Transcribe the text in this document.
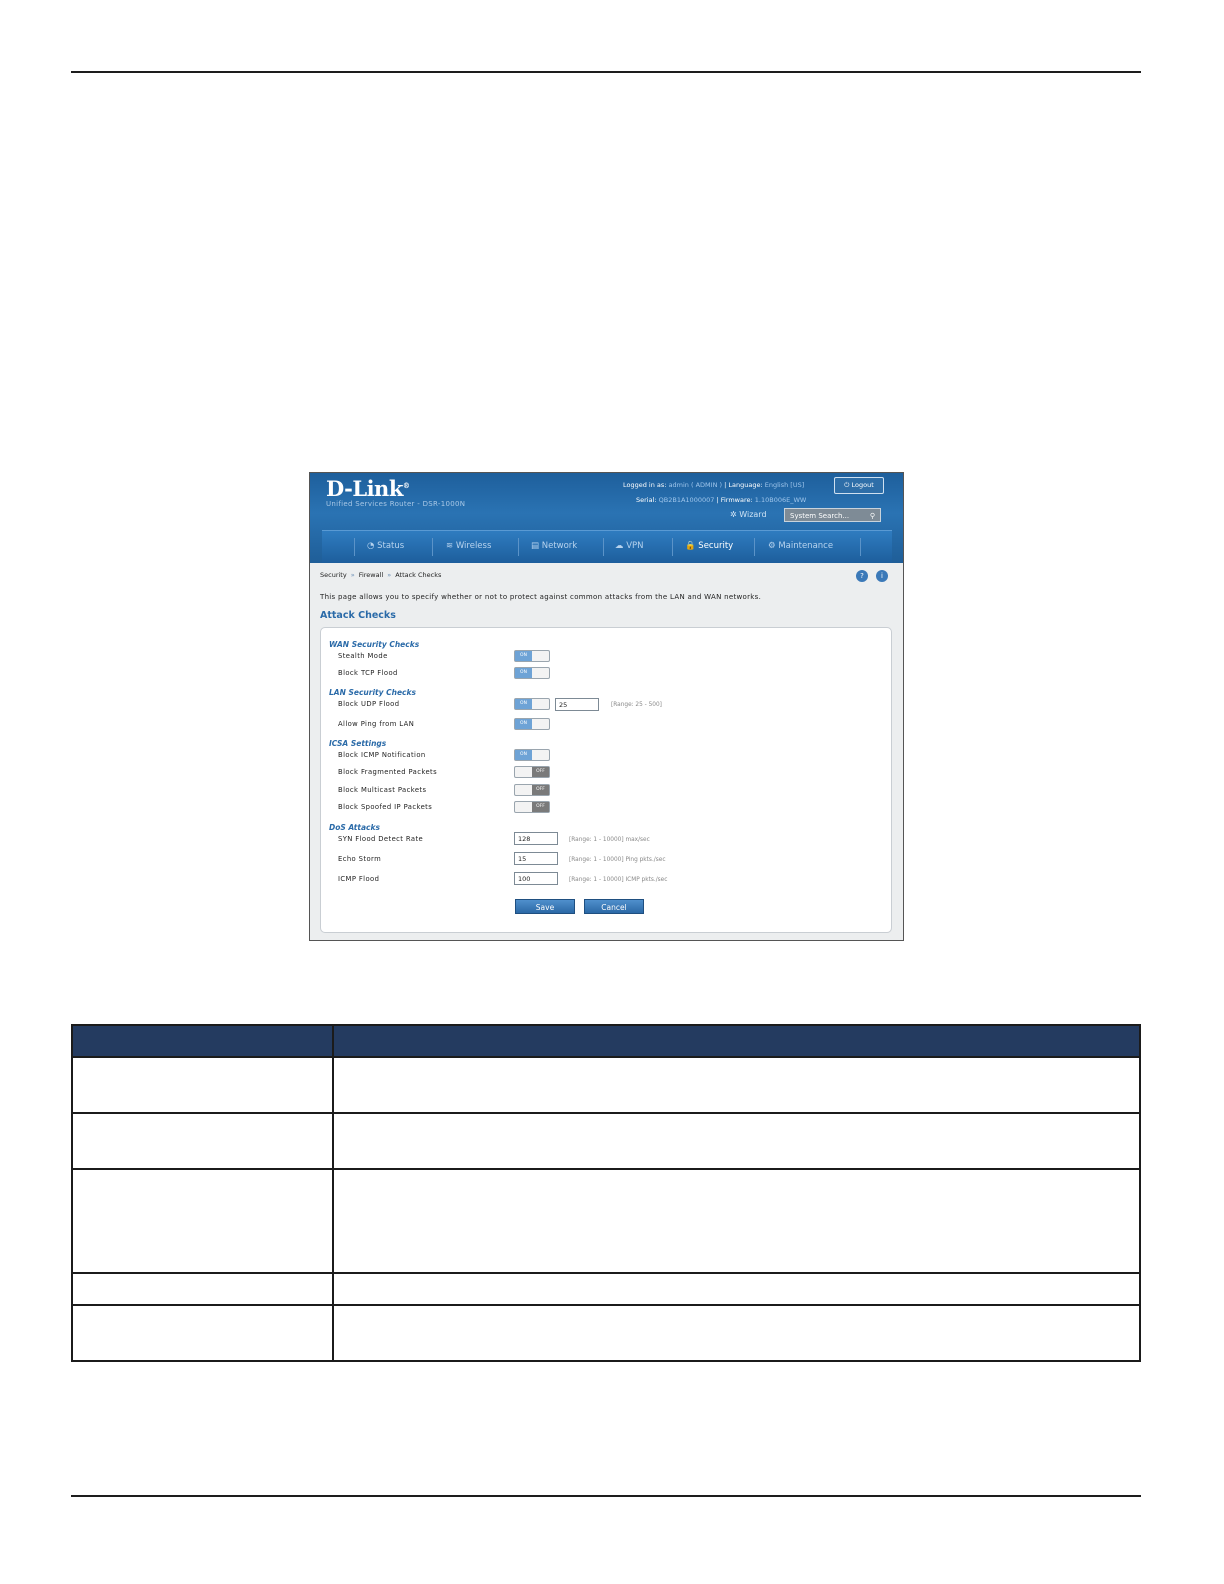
D-Link®
Unified Services Router - DSR-1000N
Logged in as: admin ( ADMIN ) | Language: English [US]	⏻ Logout
Serial: QB2B1A1000007 | Firmware: 1.10B006E_WW
✲ Wizard	System Search...	⚲
◔ Status	≋ Wireless	▤ Network	☁ VPN	🔒 Security	⚙ Maintenance
Security » Firewall » Attack Checks	?	i
This page allows you to specify whether or not to protect against common attacks from the LAN and WAN networks.
Attack Checks
WAN Security Checks
Stealth Mode	ON
Block TCP Flood	ON
LAN Security Checks
Block UDP Flood	ON	25	[Range: 25 - 500]
Allow Ping from LAN	ON
ICSA Settings
Block ICMP Notification	ON
Block Fragmented Packets	OFF
Block Multicast Packets	OFF
Block Spoofed IP Packets	OFF
DoS Attacks
SYN Flood Detect Rate	128	[Range: 1 - 10000] max/sec
Echo Storm	15	[Range: 1 - 10000] Ping pkts./sec
ICMP Flood	100	[Range: 1 - 10000] ICMP pkts./sec
Save	Cancel
